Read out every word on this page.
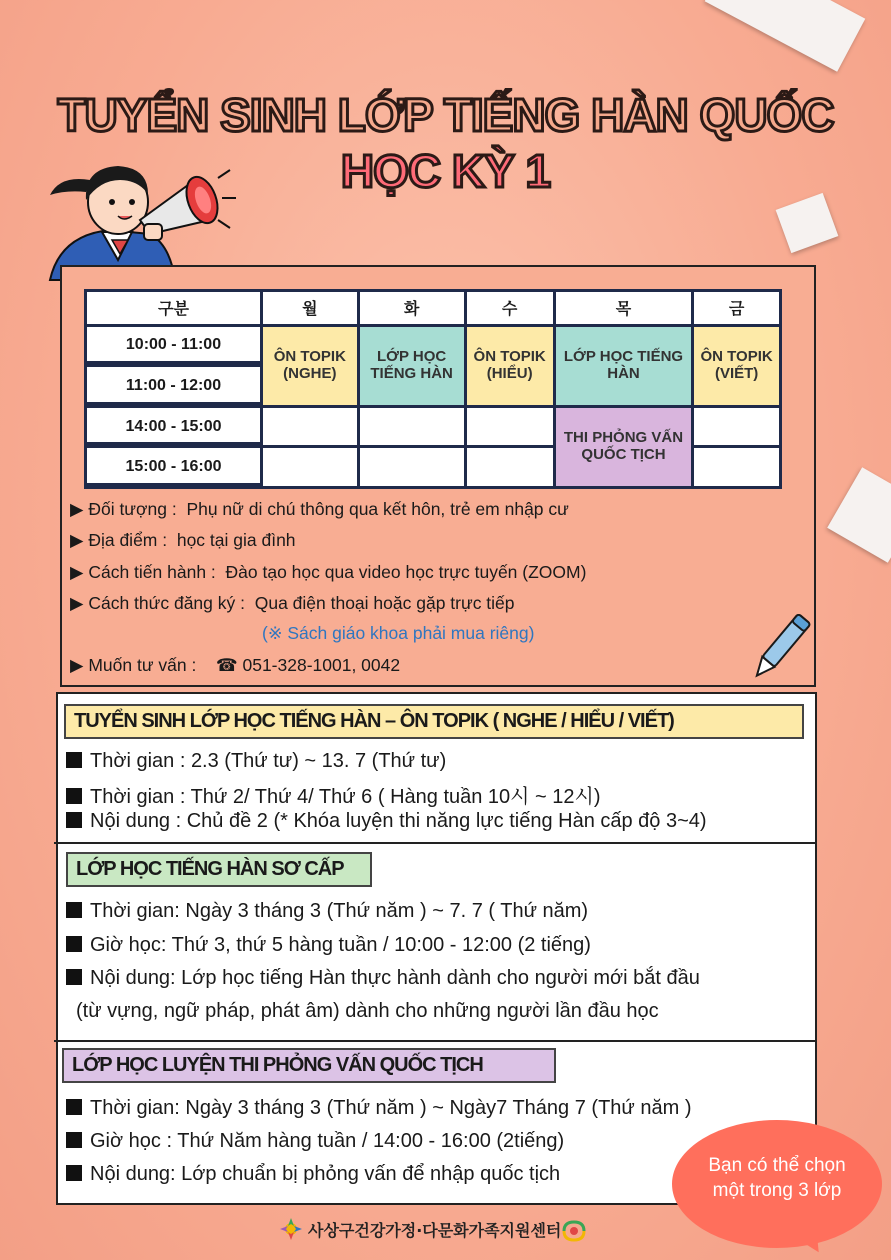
TUYỂN SINH LỚP TIẾNG HÀN QUỐC
HỌC KỲ 1
구분	월	화	수	목	금
10:00 - 11:00	ÔN TOPIK (NGHE)	LỚP HỌC TIẾNG HÀN	ÔN TOPIK (HIỂU)	LỚP HỌC TIẾNG HÀN	ÔN TOPIK (VIẾT)
11:00 - 12:00					
14:00 - 15:00				THI PHỎNG VẤN QUỐC TỊCH	
15:00 - 16:00					
▶ Đối tượng : Phụ nữ di chú thông qua kết hôn, trẻ em nhập cư
▶ Địa điểm : học tại gia đình
▶ Cách tiến hành : Đào tạo học qua video học trực tuyến (ZOOM)
▶ Cách thức đăng ký : Qua điện thoại hoặc gặp trực tiếp
(※ Sách giáo khoa phải mua riêng)
▶ Muốn tư vấn : ☎ 051-328-1001, 0042
TUYỂN SINH LỚP HỌC TIẾNG HÀN – ÔN TOPIK ( NGHE / HIỂU / VIẾT)
Thời gian : 2.3 (Thứ tư) ~ 13. 7 (Thứ tư)
Thời gian : Thứ 2/ Thứ 4/ Thứ 6 ( Hàng tuần 10시 ~ 12시)
Nội dung : Chủ đề 2 (* Khóa luyện thi năng lực tiếng Hàn cấp độ 3~4)
LỚP HỌC TIẾNG HÀN SƠ CẤP
Thời gian: Ngày 3 tháng 3 (Thứ năm ) ~ 7. 7 ( Thứ năm)
Giờ học: Thứ 3, thứ 5 hàng tuần / 10:00 - 12:00 (2 tiếng)
Nội dung: Lớp học tiếng Hàn thực hành dành cho người mới bắt đầu
(từ vựng, ngữ pháp, phát âm) dành cho những người lần đầu học
LỚP HỌC LUYỆN THI PHỎNG VẤN QUỐC TỊCH
Thời gian: Ngày 3 tháng 3 (Thứ năm ) ~ Ngày7 Tháng 7 (Thứ năm )
Giờ học : Thứ Năm hàng tuần / 14:00 - 16:00 (2tiếng)
Nội dung: Lớp chuẩn bị phỏng vấn để nhập quốc tịch	Bạn có thể chọn
một trong 3 lớp
사상구건강가정·다문화가족지원센터
